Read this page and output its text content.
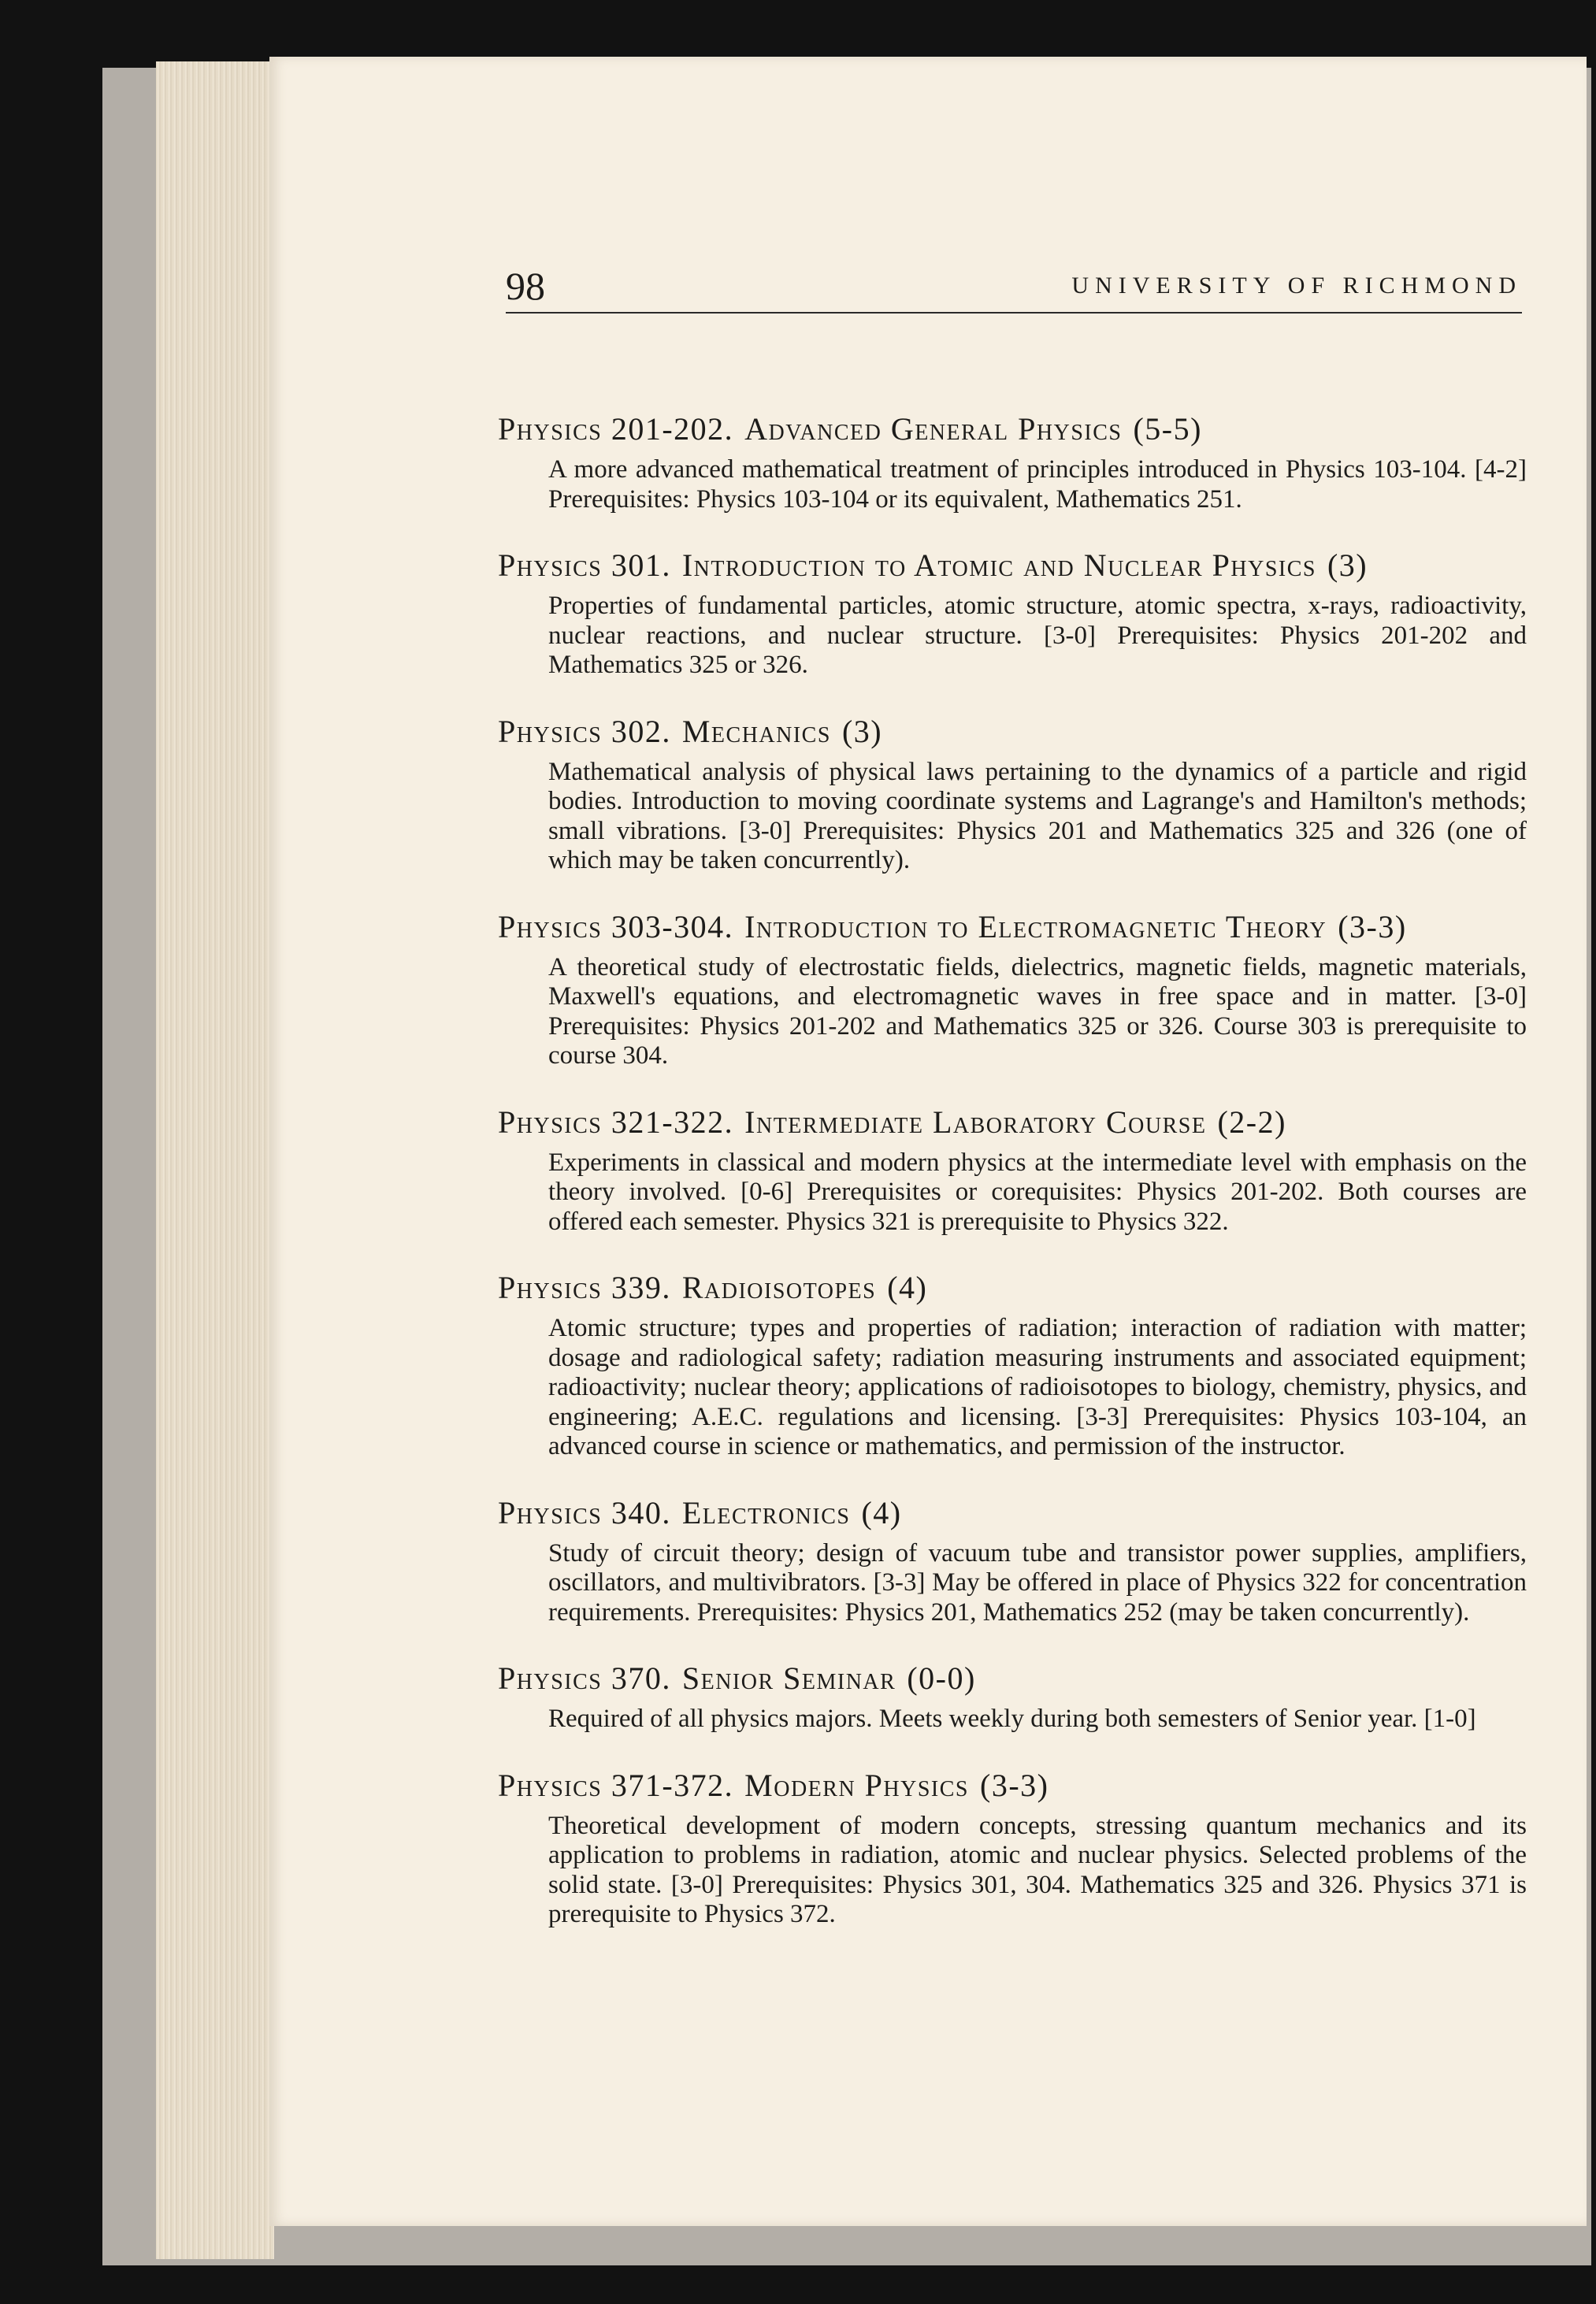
98	UNIVERSITY OF RICHMOND
Physics 201-202. Advanced General Physics (5-5)

A more advanced mathematical treatment of principles introduced in Physics 103-104. [4-2] Prerequisites: Physics 103-104 or its equivalent, Mathematics 251.

Physics 301. Introduction to Atomic and Nuclear Physics (3)

Properties of fundamental particles, atomic structure, atomic spectra, x-rays, radioactivity, nuclear reactions, and nuclear structure. [3-0] Prerequisites: Physics 201-202 and Mathematics 325 or 326.

Physics 302. Mechanics (3)

Mathematical analysis of physical laws pertaining to the dynamics of a particle and rigid bodies. Introduction to moving coordinate systems and Lagrange's and Hamilton's methods; small vibrations. [3-0] Prerequisites: Physics 201 and Mathematics 325 and 326 (one of which may be taken concurrently).

Physics 303-304. Introduction to Electromagnetic Theory (3-3)

A theoretical study of electrostatic fields, dielectrics, magnetic fields, magnetic materials, Maxwell's equations, and electromagnetic waves in free space and in matter. [3-0] Prerequisites: Physics 201-202 and Mathematics 325 or 326. Course 303 is prerequisite to course 304.

Physics 321-322. Intermediate Laboratory Course (2-2)

Experiments in classical and modern physics at the intermediate level with emphasis on the theory involved. [0-6] Prerequisites or corequisites: Physics 201-202. Both courses are offered each semester. Physics 321 is prerequisite to Physics 322.

Physics 339. Radioisotopes (4)

Atomic structure; types and properties of radiation; interaction of radiation with matter; dosage and radiological safety; radiation measuring instruments and associated equipment; radioactivity; nuclear theory; applications of radioisotopes to biology, chemistry, physics, and engineering; A.E.C. regulations and licensing. [3-3] Prerequisites: Physics 103-104, an advanced course in science or mathematics, and permission of the instructor.

Physics 340. Electronics (4)

Study of circuit theory; design of vacuum tube and transistor power supplies, amplifiers, oscillators, and multivibrators. [3-3] May be offered in place of Physics 322 for concentration requirements. Prerequisites: Physics 201, Mathematics 252 (may be taken concurrently).

Physics 370. Senior Seminar (0-0)

Required of all physics majors. Meets weekly during both semesters of Senior year. [1-0]

Physics 371-372. Modern Physics (3-3)

Theoretical development of modern concepts, stressing quantum mechanics and its application to problems in radiation, atomic and nuclear physics. Selected problems of the solid state. [3-0] Prerequisites: Physics 301, 304. Mathematics 325 and 326. Physics 371 is prerequisite to Physics 372.
